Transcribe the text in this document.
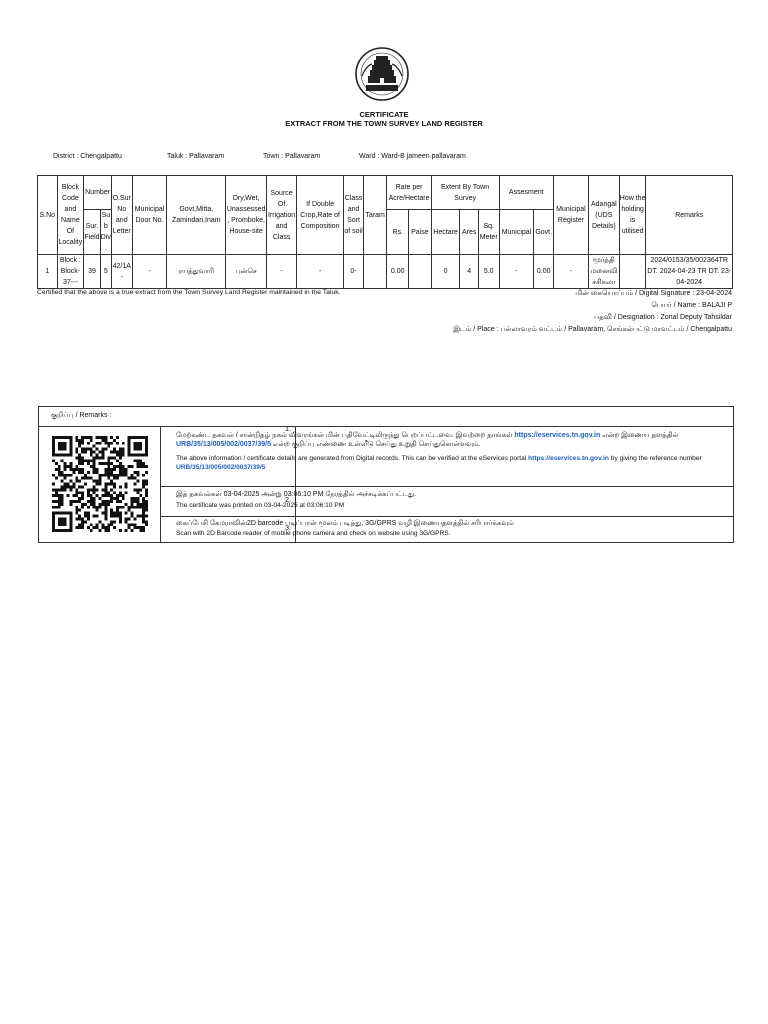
CERTIFICATE
EXTRACT FROM THE TOWN SURVEY LAND REGISTER
District : Chengalpattu	Taluk : Pallavaram	Town : Pallavaram	Ward : Ward-B jameen pallavaram
S.No	Block Code and Name Of Locality	Number		O.Sur No and Letter	Municipal Door No.	Govt,Mitta, Zamindari,Inam	Dry,Wet, Unassessed, Promboke, House-site	Source Of Irrigation and Class	If Double Crop,Rate of Composition	Class and Sort of soil	Taram	Rate per Acre/Hectare		Extent By Town Survey			Assesment		Municipal Register	Adangal (UDS Details)	How the holding is utilised	Remarks
		Sur. Field	Sub Div.									Rs.	Paise	Hectare	Ares	Sq. Meter	Municipal	Govt.				
1	Block : Block-37---	39	5	42/1A -	-	ரயத்துவாரி	புன்செ	-	-	0-		0.00		0	4	5.0	-	0.00	-	மூர்த்தி மனைவி சசிகலா		2024/0153/35/002364TR DT. 2024-04-23 TR DT: 23-04-2024
Certified that the above is a true extract from the Town Survey Land Register maintained in the Taluk.	மின் கையொப்பம் / Digital Signature : 23-04-2024
பெயர் / Name : BALAJI P
பதவி / Designation : Zonal Deputy Tahsildar
இடம் / Place : பல்லாவரம் வட்டம் / Pallavaram, செங்கல்பட்டு மாவட்டம் / Chengalpattu
குறிப்பு / Remarks :
1.
மேற்கண்ட தகவல் / சான்றிதழ் நகல் விவரங்கள் மின் பதிவேட்டிலிருந்து பெறப்பட்டவை. இவற்றை தாங்கள் https://eservices.tn.gov.in என்ற இணைய தளத்தில் URB/35/13/005/002/0037/39/5 என்ற குறிப்பு எண்ணை உள்ளீடு செய்து உறுதி செய்துகொள்ளவும்.
The above information / certificate details are generated from Digital records. This can be verified at the eServices portal https://eservices.tn.gov.in by giving the reference number URB/35/13/005/002/0037/39/5
2.
இத் தகவல்கள் 03-04-2025 அன்று 03:06:10 PM நேரத்தில் அச்சடிக்கப்பட்டது.
The certificate was printed on 03-04-2025 at 03:06:10 PM
3.
கைப்பேசி கேமராவின்2D barcode படிப்பான் மூலம் படித்து, 3G/GPRS வழி இணையதளத்தில் சரிபார்க்கவும்
Scan with 2D Barcode reader of mobile phone camera and check on website using 3G/GPRS.
